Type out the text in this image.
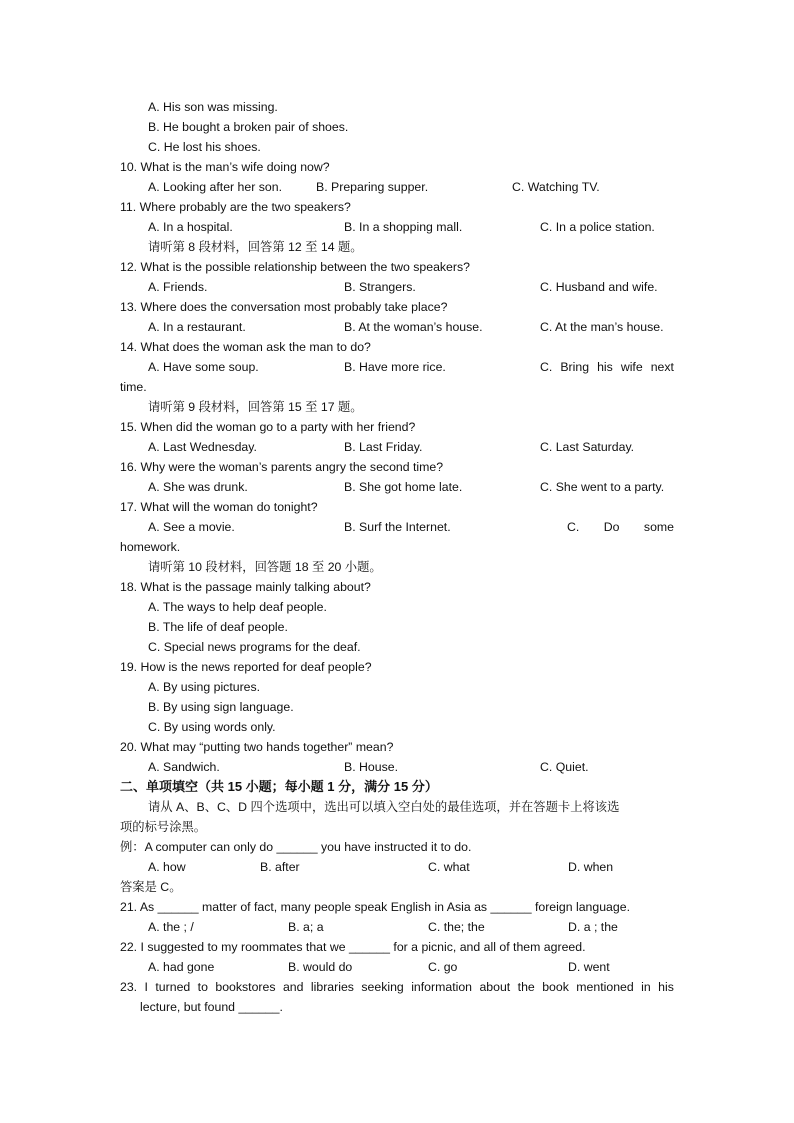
A. His son was missing.
B. He bought a broken pair of shoes.
C. He lost his shoes.
10. What is the man’s wife doing now?
A. Looking after her son.	B. Preparing supper.	C. Watching TV.
11. Where probably are the two speakers?
A. In a hospital.	B. In a shopping mall.	C. In a police station.
请听第 8 段材料，回答第 12 至 14 题。
12. What is the possible relationship between the two speakers?
A. Friends.	B. Strangers.	C. Husband and wife.
13. Where does the conversation most probably take place?
A. In a restaurant.	B. At the woman’s house.	C. At the man’s house.
14. What does the woman ask the man to do?
A. Have some soup.	B. Have more rice.	C. Bring his wife next
time.
请听第 9 段材料，回答第 15 至 17 题。
15. When did the woman go to a party with her friend?
A. Last Wednesday.	B. Last Friday.	C. Last Saturday.
16. Why were the woman’s parents angry the second time?
A. She was drunk.	B. She got home late.	C. She went to a party.
17. What will the woman do tonight?
A. See a movie.	B. Surf the Internet.	C. Do some
homework.
请听第 10 段材料，回答题 18 至 20 小题。
18. What is the passage mainly talking about?
A. The ways to help deaf people.
B. The life of deaf people.
C. Special news programs for the deaf.
19. How is the news reported for deaf people?
A. By using pictures.
B. By using sign language.
C. By using words only.
20. What may “putting two hands together” mean?
A. Sandwich.	B. House.	C. Quiet.
二、单项填空（共 15 小题；每小题 1 分，满分 15 分）
请从 A、B、C、D 四个选项中，选出可以填入空白处的最佳选项，并在答题卡上将该选
项的标号涂黑。
例：A computer can only do ______ you have instructed it to do.
A. how	B. after	C. what	D. when
答案是 C。
21. As ______ matter of fact, many people speak English in Asia as ______ foreign language.
A. the ; /	B. a; a	C. the; the	D. a ; the
22. I suggested to my roommates that we ______ for a picnic, and all of them agreed.
A. had gone	B. would do	C. go	D. went
23. I turned to bookstores and libraries seeking information about the book mentioned in his
lecture, but found ______.
